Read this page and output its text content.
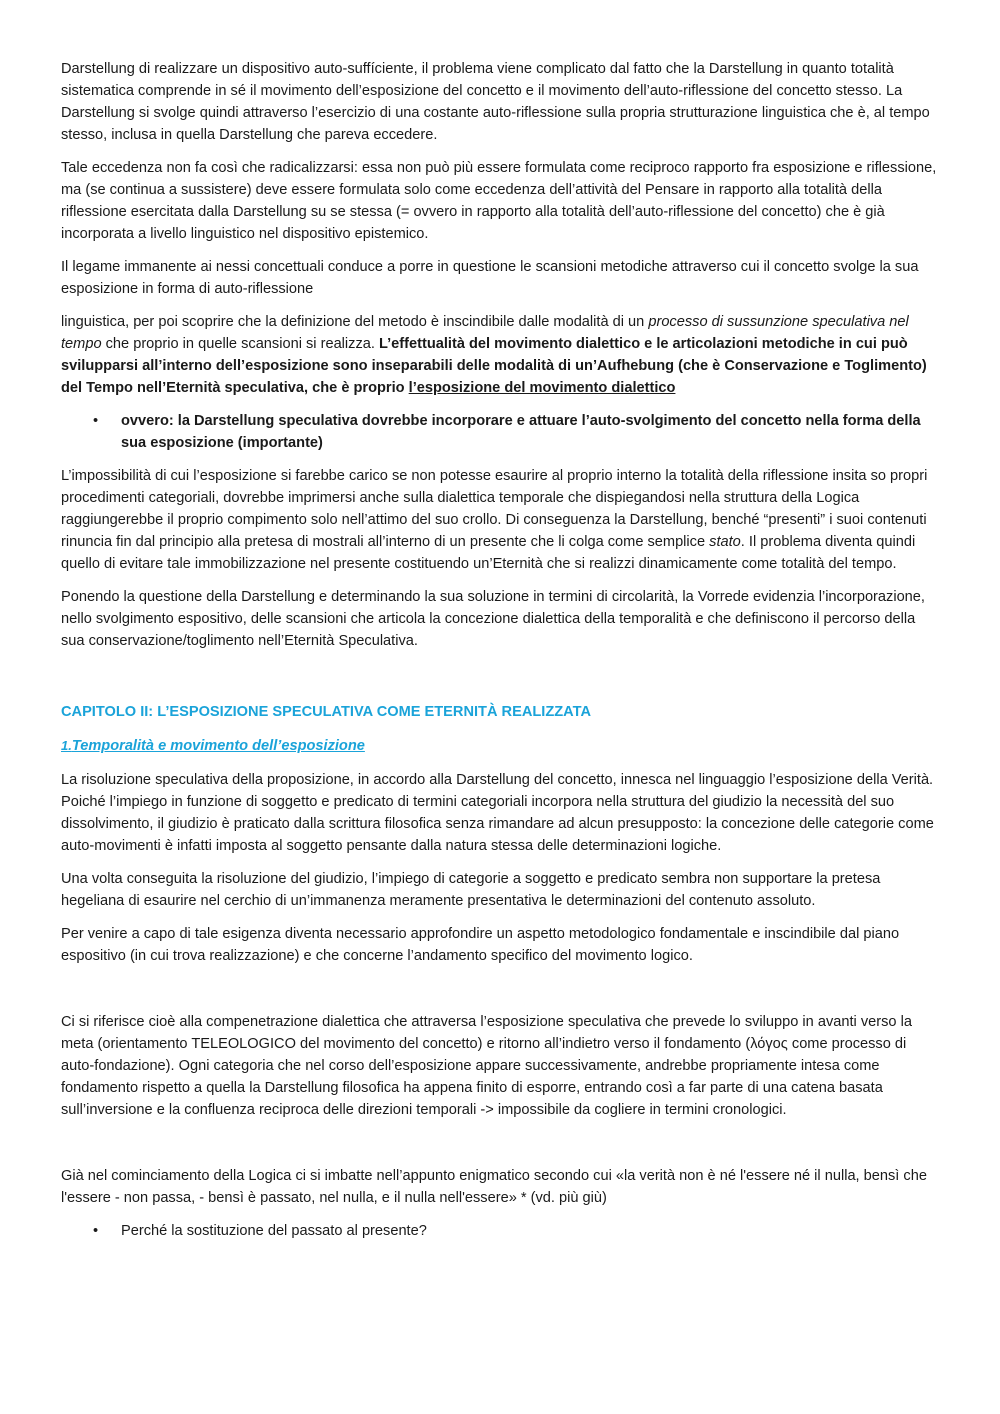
Darstellung di realizzare un dispositivo auto-suffíciente, il problema viene complicato dal fatto che la Darstellung in quanto totalità sistematica comprende in sé il movimento dell’esposizione del concetto e il movimento dell’auto-riflessione del concetto stesso. La Darstellung si svolge quindi attraverso l’esercizio di una costante auto-riflessione sulla propria strutturazione linguistica che è, al tempo stesso, inclusa in quella Darstellung che pareva eccedere.

Tale eccedenza non fa così che radicalizzarsi: essa non può più essere formulata come reciproco rapporto fra esposizione e riflessione, ma (se continua a sussistere) deve essere formulata solo come eccedenza dell’attività del Pensare in rapporto alla totalità della riflessione esercitata dalla Darstellung su se stessa (= ovvero in rapporto alla totalità dell’auto-riflessione del concetto) che è già incorporata a livello linguistico nel dispositivo epistemico.

Il legame immanente ai nessi concettuali conduce a porre in questione le scansioni metodiche attraverso cui il concetto svolge la sua esposizione in forma di auto-riflessione

linguistica, per poi scoprire che la definizione del metodo è inscindibile dalle modalità di un processo di sussunzione speculativa nel tempo che proprio in quelle scansioni si realizza. L’effettualità del movimento dialettico e le articolazioni metodiche in cui può svilupparsi all’interno dell’esposizione sono inseparabili delle modalità di un’Aufhebung (che è Conservazione e Toglimento) del Tempo nell’Eternità speculativa, che è proprio l’esposizione del movimento dialettico

• ovvero: la Darstellung speculativa dovrebbe incorporare e attuare l’auto-svolgimento del concetto nella forma della sua esposizione (importante)

L’impossibilità di cui l’esposizione si farebbe carico se non potesse esaurire al proprio interno la totalità della riflessione insita so propri procedimenti categoriali, dovrebbe imprimersi anche sulla dialettica temporale che dispiegandosi nella struttura della Logica raggiungerebbe il proprio compimento solo nell’attimo del suo crollo. Di conseguenza la Darstellung, benché “presenti” i suoi contenuti rinuncia fin dal principio alla pretesa di mostrali all’interno di un presente che li colga come semplice stato. Il problema diventa quindi quello di evitare tale immobilizzazione nel presente costituendo un’Eternità che si realizzi dinamicamente come totalità del tempo.

Ponendo la questione della Darstellung e determinando la sua soluzione in termini di circolarità, la Vorrede evidenzia l’incorporazione, nello svolgimento espositivo, delle scansioni che articola la concezione dialettica della temporalità e che definiscono il percorso della sua conservazione/toglimento nell’Eternità Speculativa.

CAPITOLO II: L’ESPOSIZIONE SPECULATIVA COME ETERNITÀ REALIZZATA

1.Temporalità e movimento dell’esposizione

La risoluzione speculativa della proposizione, in accordo alla Darstellung del concetto, innesca nel linguaggio l’esposizione della Verità. Poiché l’impiego in funzione di soggetto e predicato di termini categoriali incorpora nella struttura del giudizio la necessità del suo dissolvimento, il giudizio è praticato dalla scrittura filosofica senza rimandare ad alcun presupposto: la concezione delle categorie come auto-movimenti è infatti imposta al soggetto pensante dalla natura stessa delle determinazioni logiche.

Una volta conseguita la risoluzione del giudizio, l’impiego di categorie a soggetto e predicato sembra non supportare la pretesa hegeliana di esaurire nel cerchio di un’immanenza meramente presentativa le determinazioni del contenuto assoluto.

Per venire a capo di tale esigenza diventa necessario approfondire un aspetto metodologico fondamentale e inscindibile dal piano espositivo (in cui trova realizzazione) e che concerne l’andamento specifico del movimento logico.

Ci si riferisce cioè alla compenetrazione dialettica che attraversa l’esposizione speculativa che prevede lo sviluppo in avanti verso la meta (orientamento TELEOLOGICO del movimento del concetto) e ritorno all’indietro verso il fondamento (λόγος come processo di auto-fondazione). Ogni categoria che nel corso dell’esposizione appare successivamente, andrebbe propriamente intesa come fondamento rispetto a quella la Darstellung filosofica ha appena finito di esporre, entrando così a far parte di una catena basata sull’inversione e la confluenza reciproca delle direzioni temporali -> impossibile da cogliere in termini cronologici.

Già nel cominciamento della Logica ci si imbatte nell’appunto enigmatico secondo cui «la verità non è né l'essere né il nulla, bensì che l'essere - non passa, - bensì è passato, nel nulla, e il nulla nell'essere» * (vd. più giù)

• Perché la sostituzione del passato al presente?
